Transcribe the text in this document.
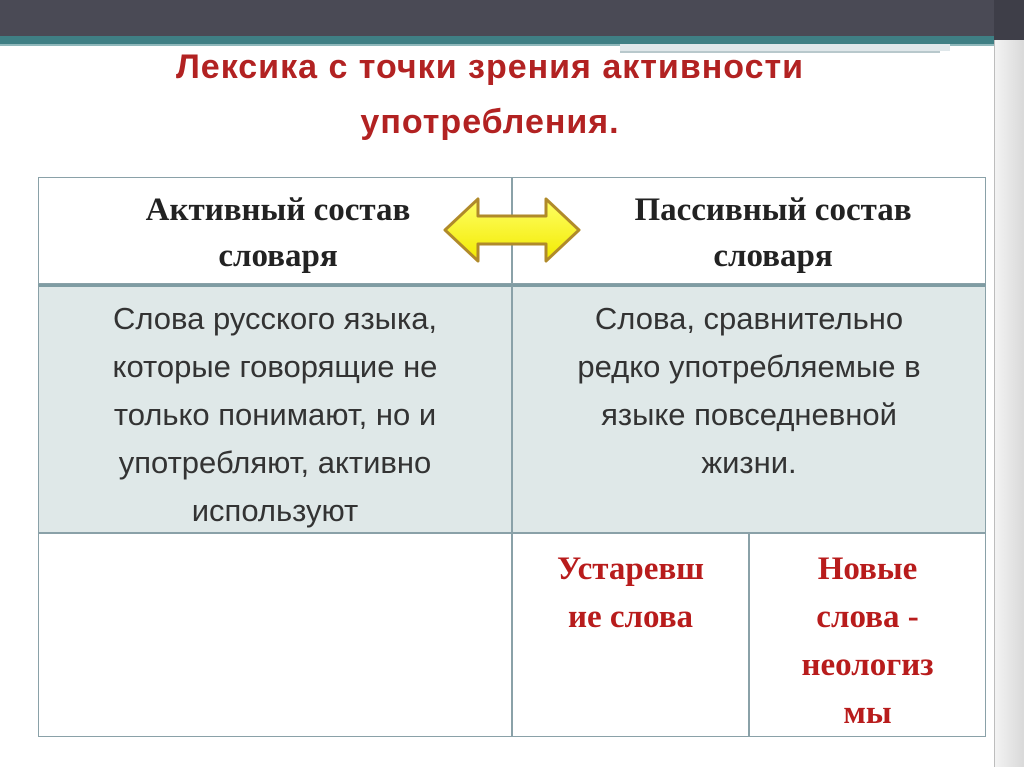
Лексика с точки зрения активности
употребления.
Активный состав
словаря
Пассивный состав
словаря
Слова русского языка,
которые говорящие не
только понимают, но и
употребляют, активно
используют
Слова, сравнительно
редко употребляемые в
языке повседневной
жизни.
Устаревш
ие слова
Новые
слова -
неологиз
мы
